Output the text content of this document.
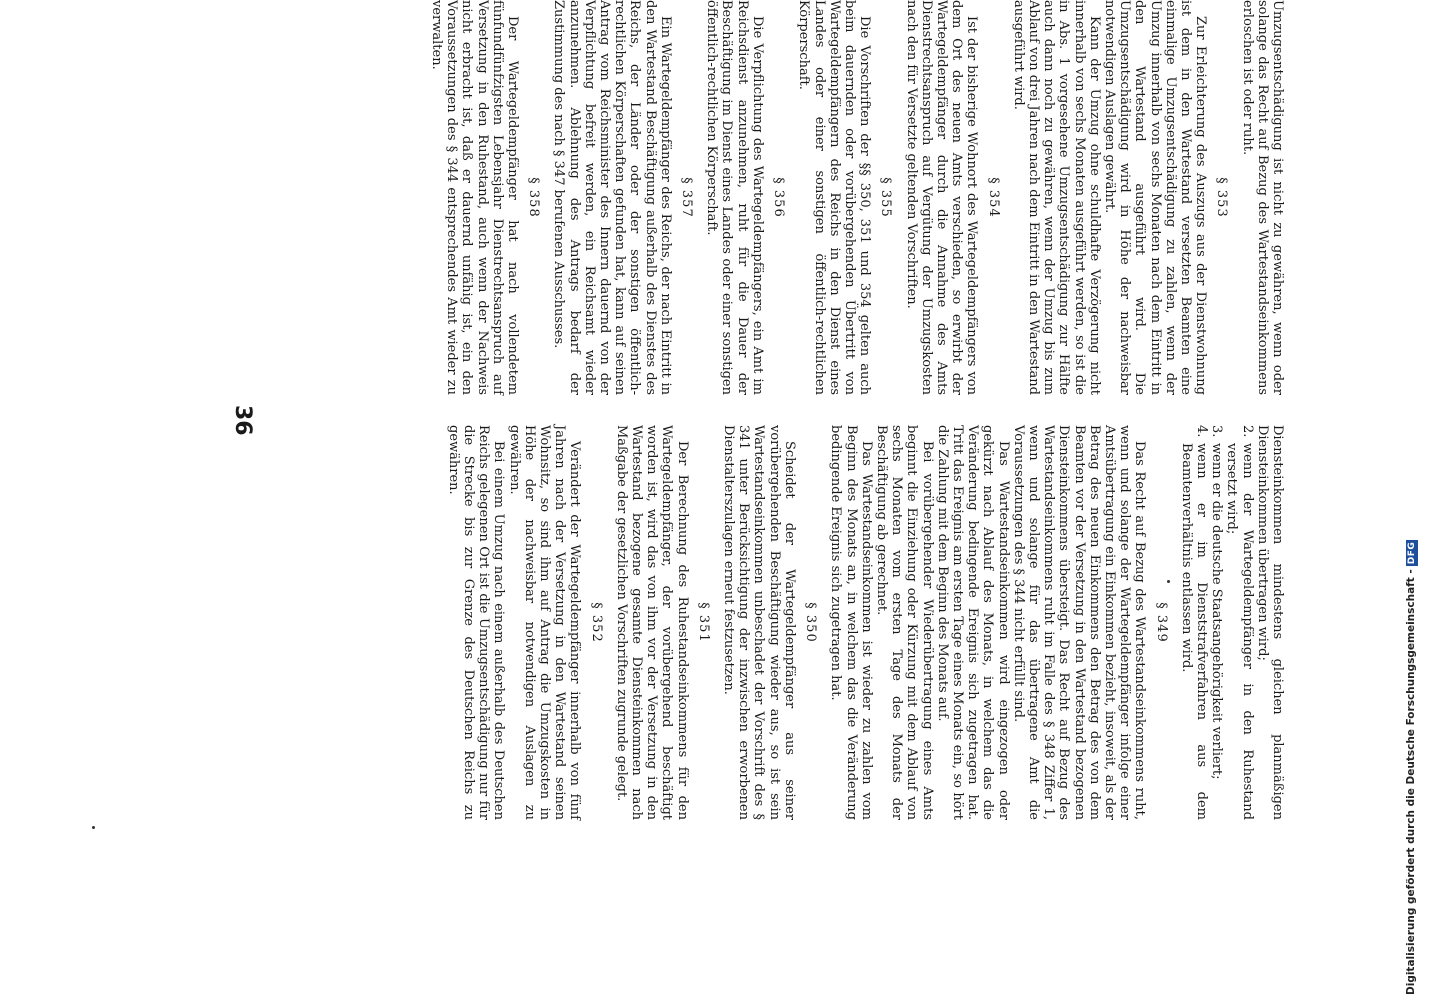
36

Diensteinkommen mindestens gleichen planmäßigen Diensteinkommen übertragen wird;

2.wenn der Wartegeldempfänger in den Ruhestand versetzt wird;

3.wenn er die deutsche Staatsangehörigkeit verliert;

4.wenn er im Dienststrafverfahren aus dem Beamtenverhältnis entlassen wird.

§ 349

Das Recht auf Bezug des Wartestandseinkommens ruht, wenn und solange der Wartegeldempfänger infolge einer Amtsübertragung ein Einkommen bezieht, insoweit, als der Betrag des neuen Einkommens den Betrag des von dem Beamten vor der Versetzung in den Wartestand bezogenen Diensteinkommens übersteigt. Das Recht auf Bezug des Wartestandseinkommens ruht im Falle des § 348 Ziffer 1, wenn und solange für das übertragene Amt die Voraussetzungen des § 344 nicht erfüllt sind.

Das Wartestandseinkommen wird eingezogen oder gekürzt nach Ablauf des Monats, in welchem das die Veränderung bedingende Ereignis sich zugetragen hat. Tritt das Ereignis am ersten Tage eines Monats ein, so hört die Zahlung mit dem Beginn des Monats auf.

Bei vorübergehender Wiederübertragung eines Amts beginnt die Einziehung oder Kürzung mit dem Ablauf von sechs Monaten vom ersten Tage des Monats der Beschäftigung ab gerechnet.

Das Wartestandseinkommen ist wieder zu zahlen vom Beginn des Monats an, in welchem das die Veränderung bedingende Ereignis sich zugetragen hat.

§ 350

Scheidet der Wartegeldempfänger aus seiner vorübergehenden Beschäftigung wieder aus, so ist sein Wartestandseinkommen unbeschadet der Vorschrift des § 341 unter Berücksichtigung der inzwischen erworbenen Dienstalterszulagen erneut festzusetzen.

§ 351

Der Berechnung des Ruhestandseinkommens für den Wartegeldempfänger, der vorübergehend beschäftigt worden ist, wird das von ihm vor der Versetzung in den Wartestand bezogene gesamte Diensteinkommen nach Maßgabe der gesetzlichen Vorschriften zugrunde gelegt.

§ 352

Verändert der Wartegeldempfänger innerhalb von fünf Jahren nach der Versetzung in den Wartestand seinen Wohnsitz, so sind ihm auf Antrag die Umzugskosten in Höhe der nachweisbar notwendigen Auslagen zu gewähren.

Bei einem Umzug nach einem außerhalb des Deutschen Reichs gelegenen Ort ist die Umzugsentschädigung nur für die Strecke bis zur Grenze des Deutschen Reichs zu gewähren.

Umzugsentschädigung ist nicht zu gewähren, wenn oder solange das Recht auf Bezug des Wartestandseinkommens erloschen ist oder ruht.

§ 353

Zur Erleichterung des Auszugs aus der Dienstwohnung ist dem in den Wartestand versetzten Beamten eine einmalige Umzugsentschädigung zu zahlen, wenn der Umzug innerhalb von sechs Monaten nach dem Eintritt in den Wartestand ausgeführt wird. Die Umzugsentschädigung wird in Höhe der nachweisbar notwendigen Auslagen gewährt.

Kann der Umzug ohne schuldhafte Verzögerung nicht innerhalb von sechs Monaten ausgeführt werden, so ist die in Abs. 1 vorgesehene Umzugsentschädigung zur Hälfte auch dann noch zu gewähren, wenn der Umzug bis zum Ablauf von drei Jahren nach dem Eintritt in den Wartestand ausgeführt wird.

§ 354

Ist der bisherige Wohnort des Wartegeldempfängers von dem Ort des neuen Amts verschieden, so erwirbt der Wartegeldempfänger durch die Annahme des Amts Dienstrechtsanspruch auf Vergütung der Umzugskosten nach den für Versetzte geltenden Vorschriften.

§ 355

Die Vorschriften der §§ 350, 351 und 354 gelten auch beim dauernden oder vorübergehenden Übertritt von Wartegeldempfängern des Reichs in den Dienst eines Landes oder einer sonstigen öffentlich-rechtlichen Körperschaft.

§ 356

Die Verpflichtung des Wartegeldempfängers, ein Amt im Reichsdienst anzunehmen, ruht für die Dauer der Beschäftigung im Dienst eines Landes oder einer sonstigen öffentlich-rechtlichen Körperschaft.

§ 357

Ein Wartegeldempfänger des Reichs, der nach Eintritt in den Wartestand Beschäftigung außerhalb des Dienstes des Reichs, der Länder oder der sonstigen öffentlich-rechtlichen Körperschaften gefunden hat, kann auf seinen Antrag vom Reichsminister des Innern dauernd von der Verpflichtung befreit werden, ein Reichsamt wieder anzunehmen. Ablehnung des Antrags bedarf der Zustimmung des nach § 347 berufenen Ausschusses.

§ 358

Der Wartegeldempfänger hat nach vollendetem fünfundfünfzigsten Lebensjahr Dienstrechtsanspruch auf Versetzung in den Ruhestand, auch wenn der Nachweis nicht erbracht ist, daß er dauernd unfähig ist, ein den Voraussetzungen des § 344 entsprechendes Amt wieder zu verwalten.

Digitalisierung gefördert durch die Deutsche Forschungsgemeinschaft -DFG
